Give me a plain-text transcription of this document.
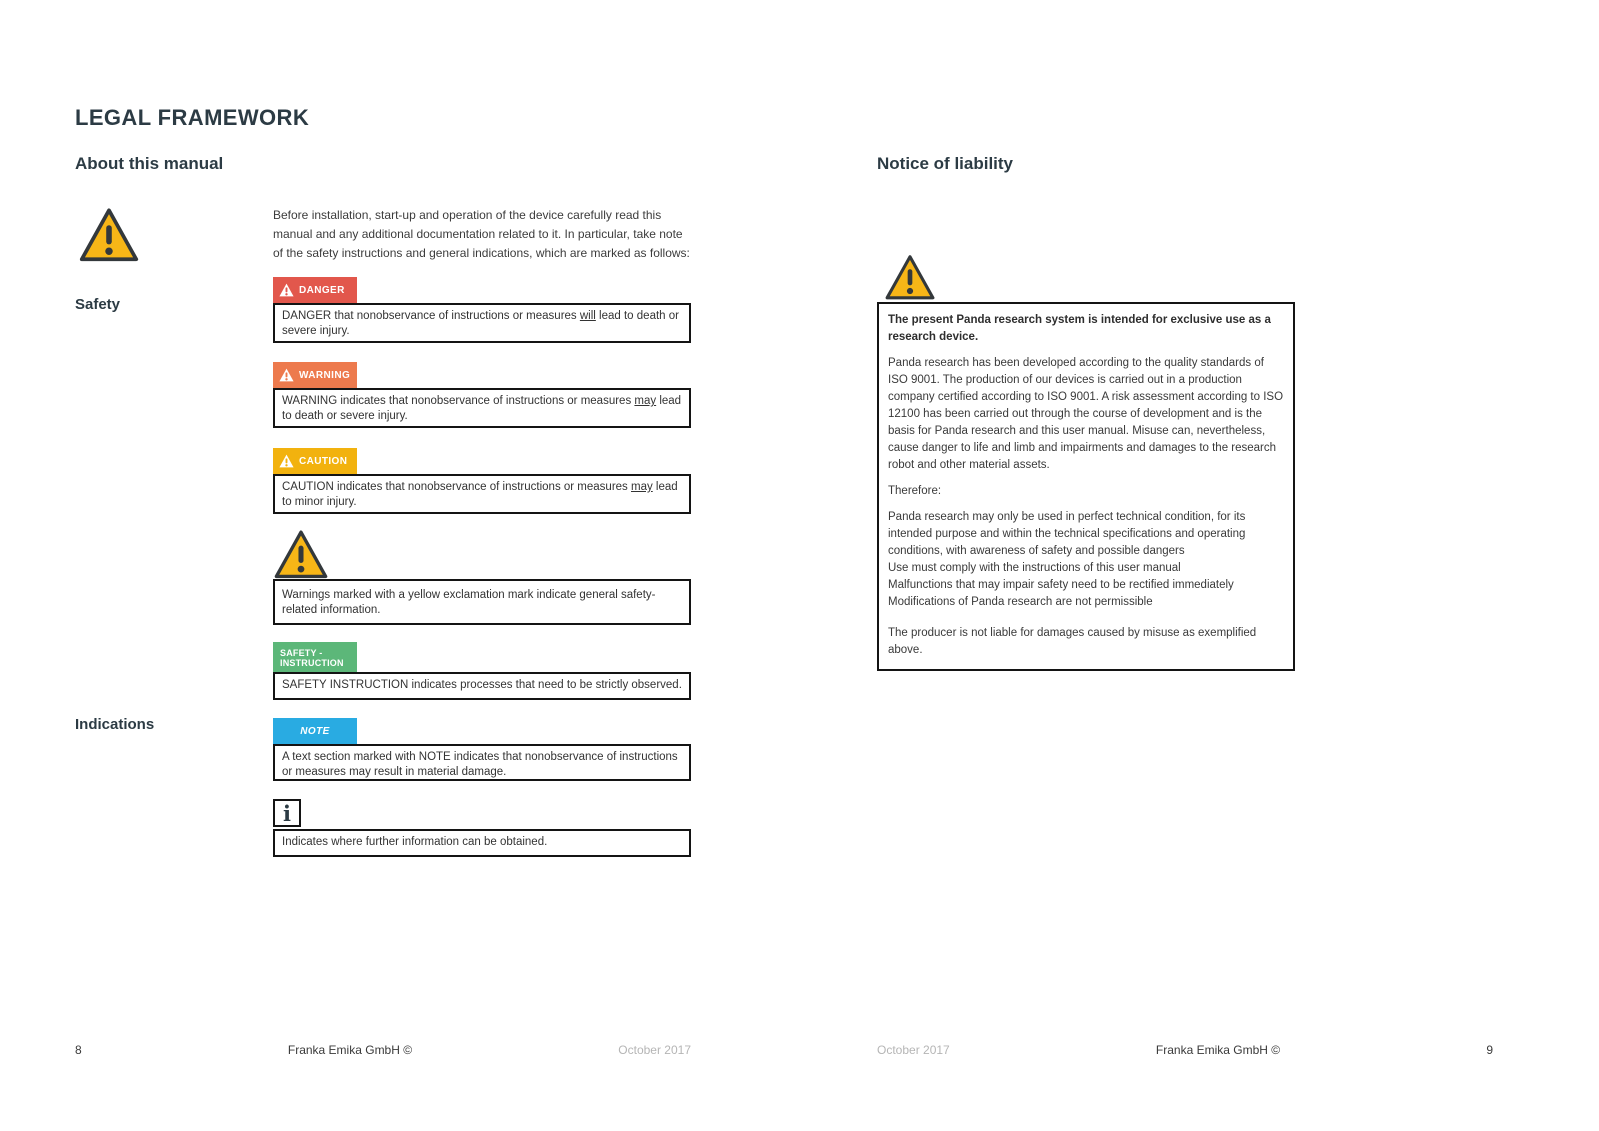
LEGAL FRAMEWORK
About this manual
Safety
Indications
Before installation, start-up and operation of the device carefully read this manual and any additional documentation related to it. In particular, take note of the safety instructions and general indications, which are marked as follows:
DANGER
DANGER that nonobservance of instructions or measures will lead to death or severe injury.
WARNING
WARNING indicates that nonobservance of instructions or measures may lead to death or severe injury.
CAUTION
CAUTION indicates that nonobservance of instructions or measures may lead to minor injury.
Warnings marked with a yellow exclamation mark indicate general safety-related information.
SAFETY - INSTRUCTION
SAFETY INSTRUCTION indicates processes that need to be strictly observed.
NOTE
A text section marked with NOTE indicates that nonobservance of instructions or measures may result in material damage.
i
Indicates where further information can be obtained.
8	Franka Emika GmbH ©	October 2017
Notice of liability

The present Panda research system is intended for exclusive use as a research device.

Panda research has been developed according to the quality standards of ISO 9001. The production of our devices is carried out in a production company certified according to ISO 9001. A risk assessment according to ISO 12100 has been carried out through the course of development and is the basis for Panda research and this user manual. Misuse can, nevertheless, cause danger to life and limb and impairments and damages to the research robot and other material assets.

Therefore:

Panda research may only be used in perfect technical condition, for its intended purpose and within the technical specifications and operating conditions, with awareness of safety and possible dangers
Use must comply with the instructions of this user manual
Malfunctions that may impair safety need to be rectified immediately
Modifications of Panda research are not permissible

The producer is not liable for damages caused by misuse as exemplified above.

October 2017	Franka Emika GmbH ©	9
